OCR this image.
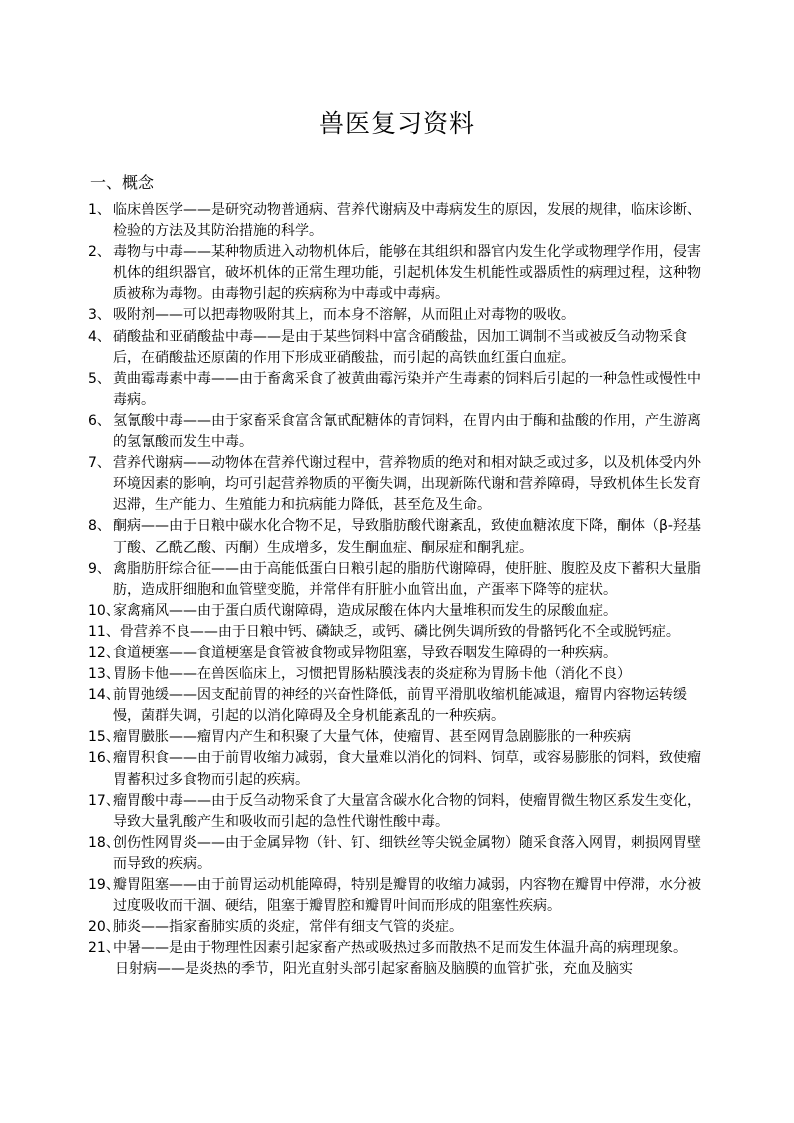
兽医复习资料
一、概念

1、 临床兽医学——是研究动物普通病、营养代谢病及中毒病发生的原因，发展的规律，临床诊断、检验的方法及其防治措施的科学。

2、 毒物与中毒——某种物质进入动物机体后，能够在其组织和器官内发生化学或物理学作用，侵害机体的组织器官，破坏机体的正常生理功能，引起机体发生机能性或器质性的病理过程，这种物质被称为毒物。由毒物引起的疾病称为中毒或中毒病。

3、 吸附剂——可以把毒物吸附其上，而本身不溶解，从而阻止对毒物的吸收。

4、 硝酸盐和亚硝酸盐中毒——是由于某些饲料中富含硝酸盐，因加工调制不当或被反刍动物采食后，在硝酸盐还原菌的作用下形成亚硝酸盐，而引起的高铁血红蛋白血症。

5、 黄曲霉毒素中毒——由于畜禽采食了被黄曲霉污染并产生毒素的饲料后引起的一种急性或慢性中毒病。

6、 氢氰酸中毒——由于家畜采食富含氰甙配糖体的青饲料，在胃内由于酶和盐酸的作用，产生游离的氢氰酸而发生中毒。

7、 营养代谢病——动物体在营养代谢过程中，营养物质的绝对和相对缺乏或过多，以及机体受内外环境因素的影响，均可引起营养物质的平衡失调，出现新陈代谢和营养障碍，导致机体生长发育迟滞，生产能力、生殖能力和抗病能力降低，甚至危及生命。

8、 酮病——由于日粮中碳水化合物不足，导致脂肪酸代谢紊乱，致使血糖浓度下降，酮体（β-羟基丁酸、乙酰乙酸、丙酮）生成增多，发生酮血症、酮尿症和酮乳症。

9、 禽脂肪肝综合征——由于高能低蛋白日粮引起的脂肪代谢障碍，使肝脏、腹腔及皮下蓄积大量脂肪，造成肝细胞和血管壁变脆，并常伴有肝脏小血管出血，产蛋率下降等的症状。

10、
家禽痛风——由于蛋白质代谢障碍，造成尿酸在体内大量堆积而发生的尿酸血症。

11、骨营养不良——由于日粮中钙、磷缺乏，或钙、磷比例失调所致的骨骼钙化不全或脱钙症。

12、
食道梗塞——食道梗塞是食管被食物或异物阻塞，导致吞咽发生障碍的一种疾病。

13、
胃肠卡他——在兽医临床上，习惯把胃肠粘膜浅表的炎症称为胃肠卡他（消化不良）

14、
前胃弛缓——因支配前胃的神经的兴奋性降低，前胃平滑肌收缩机能减退，瘤胃内容物运转缓慢，菌群失调，引起的以消化障碍及全身机能紊乱的一种疾病。

15、
瘤胃臌胀——瘤胃内产生和积聚了大量气体，使瘤胃、甚至网胃急剧膨胀的一种疾病

16、
瘤胃积食——由于前胃收缩力减弱，食大量难以消化的饲料、饲草，或容易膨胀的饲料，致使瘤胃蓄积过多食物而引起的疾病。

17、
瘤胃酸中毒——由于反刍动物采食了大量富含碳水化合物的饲料，使瘤胃微生物区系发生变化，导致大量乳酸产生和吸收而引起的急性代谢性酸中毒。

18、
创伤性网胃炎——由于金属异物（针、钉、细铁丝等尖锐金属物）随采食落入网胃，刺损网胃壁而导致的疾病。

19、
瓣胃阻塞——由于前胃运动机能障碍，特别是瓣胃的收缩力减弱，内容物在瓣胃中停滞，水分被过度吸收而干涸、硬结，阻塞于瓣胃腔和瓣胃叶间而形成的阻塞性疾病。

20、
肺炎——指家畜肺实质的炎症，常伴有细支气管的炎症。

21、
中暑——是由于物理性因素引起家畜产热或吸热过多而散热不足而发生体温升高的病理现象。

日射病——是炎热的季节，阳光直射头部引起家畜脑及脑膜的血管扩张，充血及脑实
